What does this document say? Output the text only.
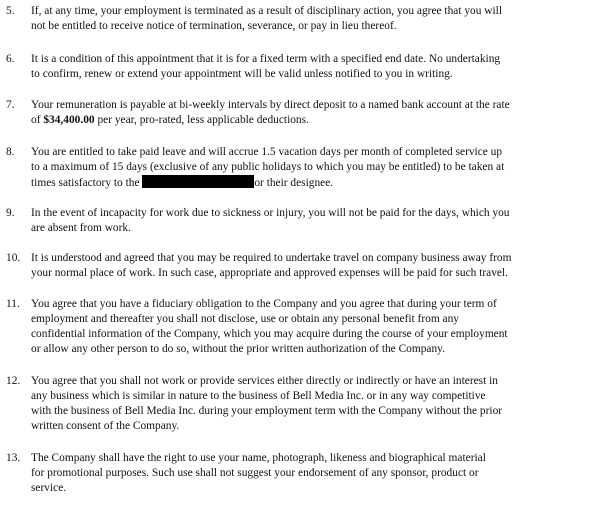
5.	If, at any time, your employment is terminated as a result of disciplinary action, you agree that you will
not be entitled to receive notice of termination, severance, or pay in lieu thereof.
6.	It is a condition of this appointment that it is for a fixed term with a specified end date. No undertaking
to confirm, renew or extend your appointment will be valid unless notified to you in writing.
7.	Your remuneration is payable at bi-weekly intervals by direct deposit to a named bank account at the rate
of $34,400.00 per year, pro-rated, less applicable deductions.
8.	You are entitled to take paid leave and will accrue 1.5 vacation days per month of completed service up
to a maximum of 15 days (exclusive of any public holidays to which you may be entitled) to be taken at
times satisfactory to the	or their designee.
9.	In the event of incapacity for work due to sickness or injury, you will not be paid for the days, which you
are absent from work.
10. It is understood and agreed that you may be required to undertake travel on company business away from
your normal place of work. In such case, appropriate and approved expenses will be paid for such travel.
11. You agree that you have a fiduciary obligation to the Company and you agree that during your term of
employment and thereafter you shall not disclose, use or obtain any personal benefit from any
confidential information of the Company, which you may acquire during the course of your employment
or allow any other person to do so, without the prior written authorization of the Company.
12. You agree that you shall not work or provide services either directly or indirectly or have an interest in
any business which is similar in nature to the business of Bell Media Inc. or in any way competitive
with the business of Bell Media Inc. during your employment term with the Company without the prior
written consent of the Company.
13. The Company shall have the right to use your name, photograph, likeness and biographical material
for promotional purposes. Such use shall not suggest your endorsement of any sponsor, product or
service.
